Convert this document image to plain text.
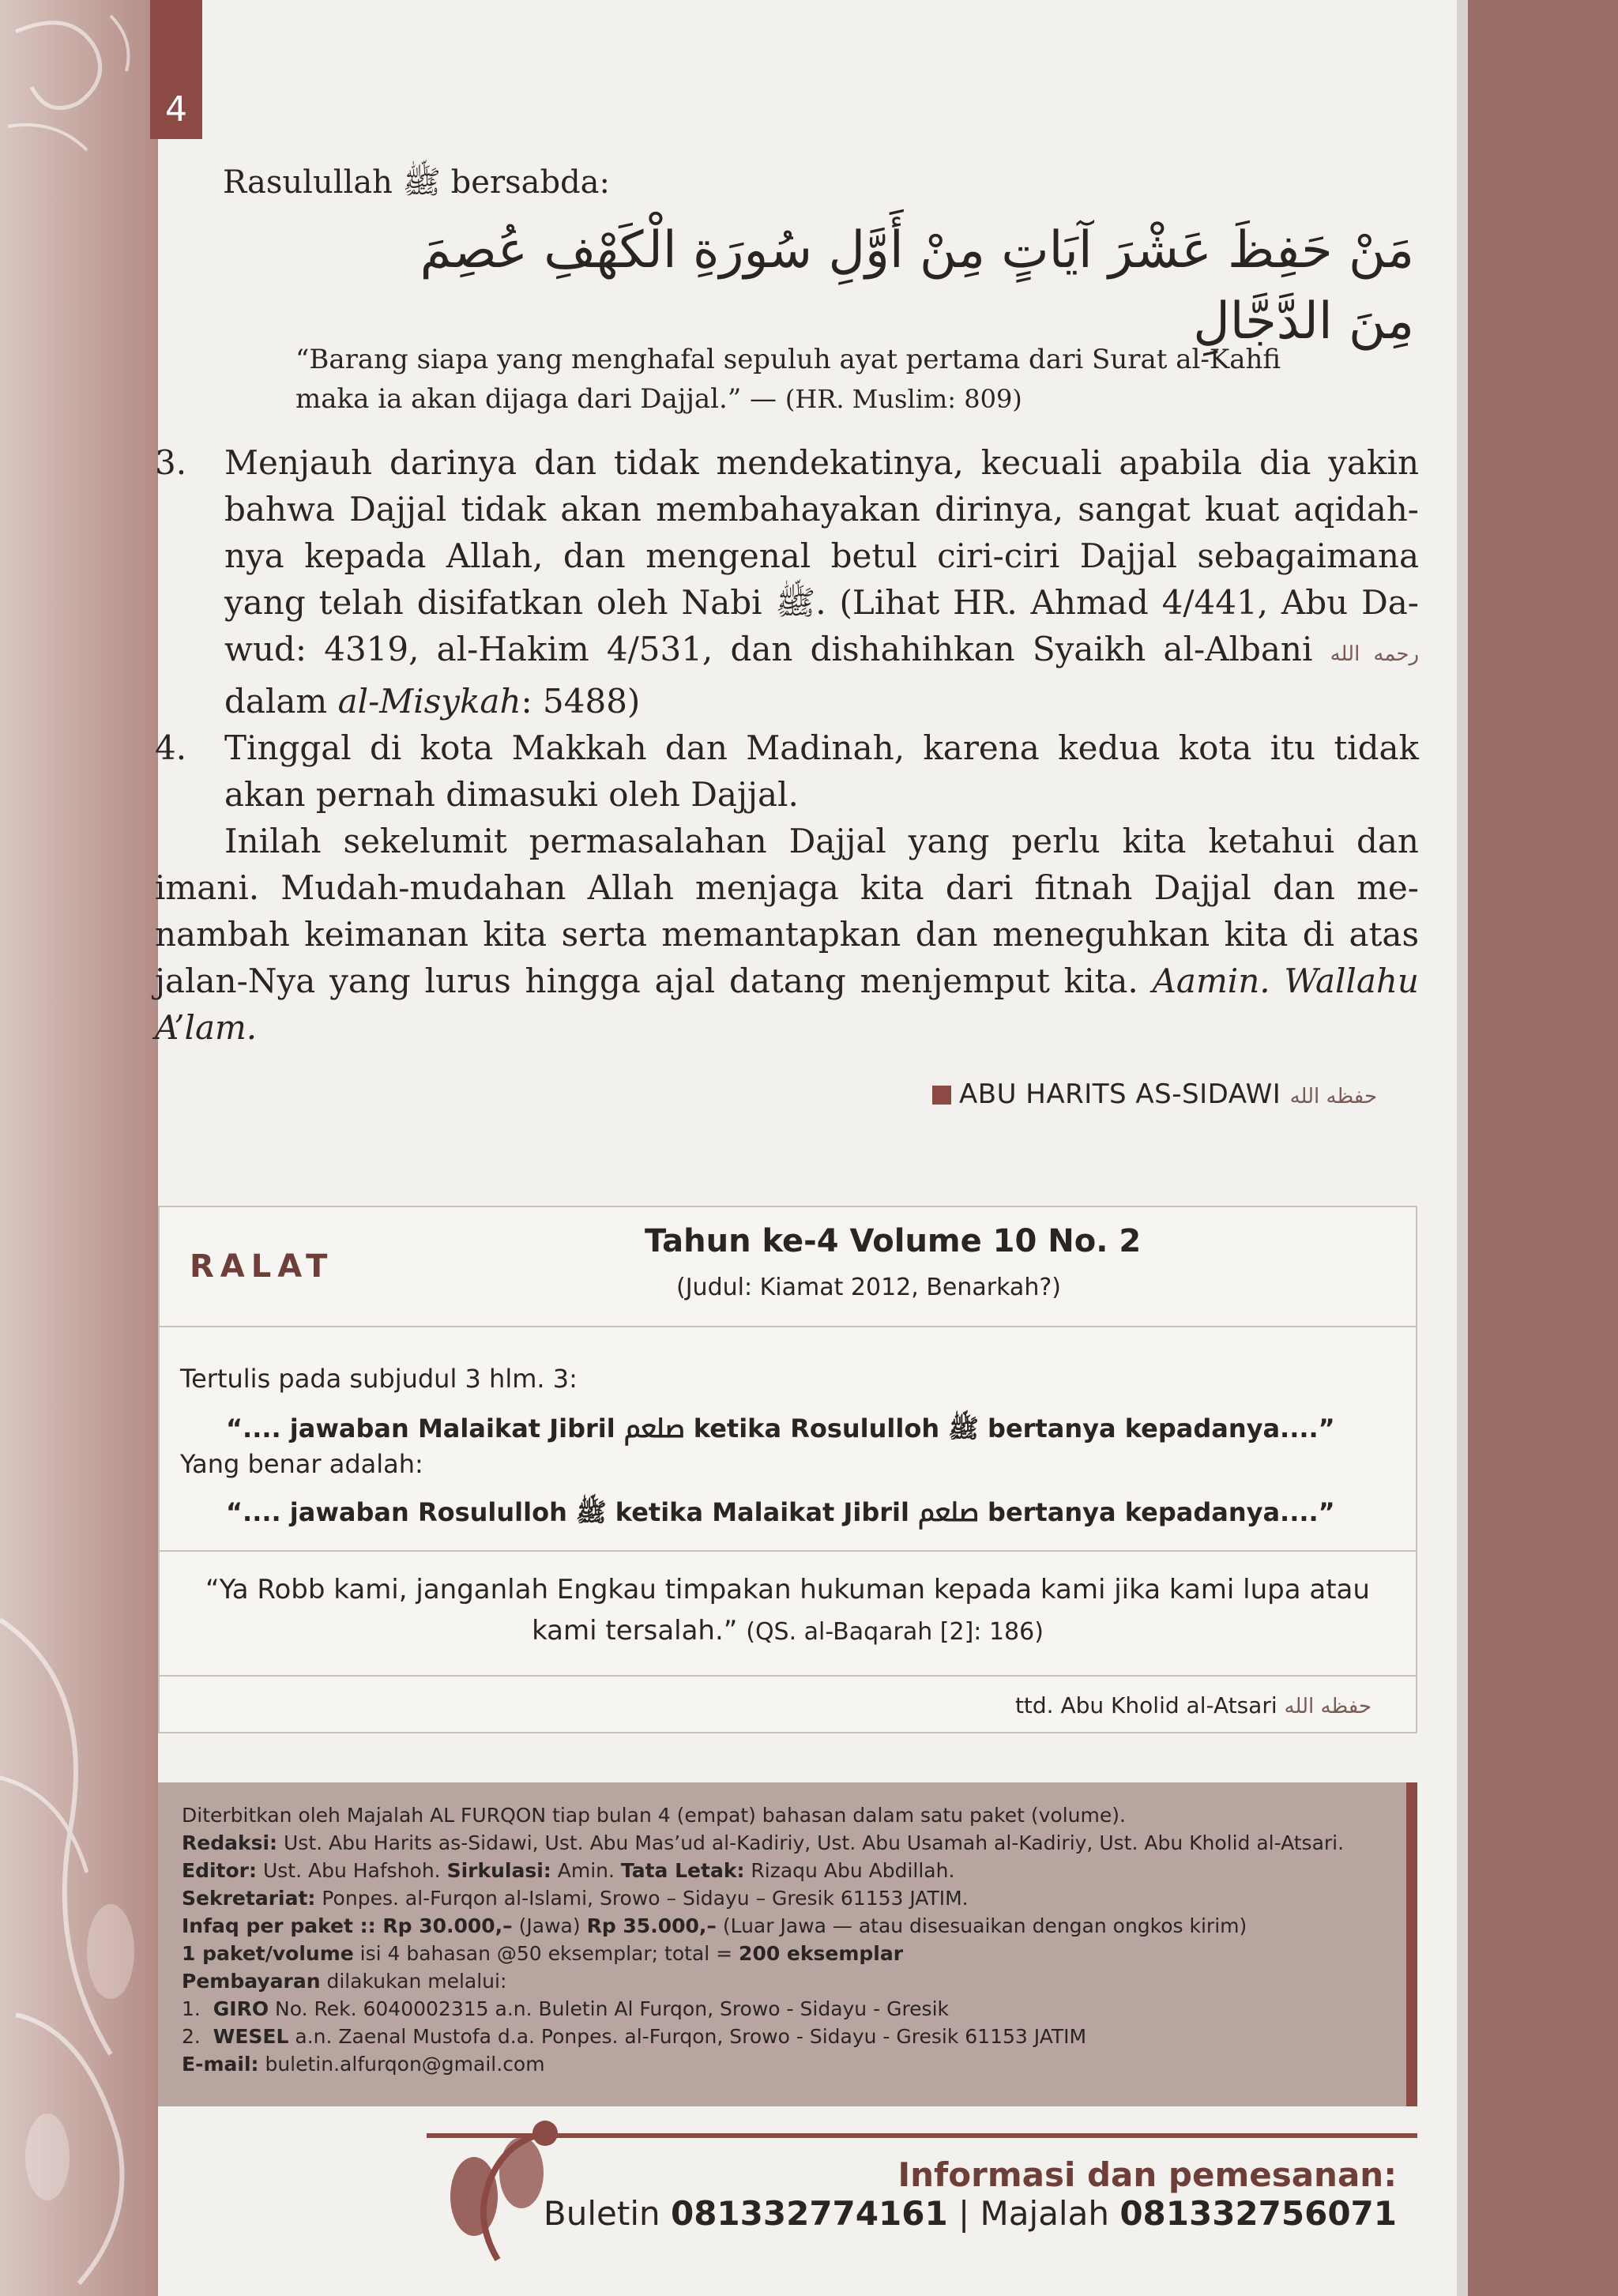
4
Rasulullah ﷺ bersabda:
مَنْ حَفِظَ عَشْرَ آيَاتٍ مِنْ أَوَّلِ سُورَةِ الْكَهْفِ عُصِمَ مِنَ الدَّجَّالِ
“Barang siapa yang menghafal sepuluh ayat pertama dari Surat al-Kahfi
maka ia akan dijaga dari Dajjal.” — (HR. Muslim: 809)
3.	Menjauh darinya dan tidak mendekatinya, kecuali apabila dia yakin bahwa Dajjal tidak akan membahayakan dirinya, sangat kuat aqidahnya kepada Allah, dan mengenal betul ciri-ciri Dajjal sebagaimana yang telah disifatkan oleh Nabi ﷺ. (Lihat HR. Ahmad 4/441, Abu Dawud: 4319, al-Hakim 4/531, dan dishahihkan Syaikh al-Albani رحمه الله dalam al-Misykah: 5488)
4.	Tinggal di kota Makkah dan Madinah, karena kedua kota itu tidak akan pernah dimasuki oleh Dajjal.
Inilah sekelumit permasalahan Dajjal yang perlu kita ketahui dan imani. Mudah-mudahan Allah menjaga kita dari fitnah Dajjal dan menambah keimanan kita serta memantapkan dan meneguhkan kita di atas jalan-Nya yang lurus hingga ajal datang menjemput kita. Aamin. Wallahu A’lam.
ABU HARITS AS-SIDAWI حفظه الله
RALAT
Tahun ke-4 Volume 10 No. 2
(Judul: Kiamat 2012, Benarkah?)
Tertulis pada subjudul 3 hlm. 3:
“.... jawaban Malaikat Jibril ﷵ ketika Rosululloh ﷺ bertanya kepadanya....”
Yang benar adalah:
“.... jawaban Rosululloh ﷺ ketika Malaikat Jibril ﷵ bertanya kepadanya....”
“Ya Robb kami, janganlah Engkau timpakan hukuman kepada kami jika kami lupa atau kami tersalah.” (QS. al-Baqarah [2]: 186)
ttd. Abu Kholid al-Atsari حفظه الله
Diterbitkan oleh Majalah AL FURQON tiap bulan 4 (empat) bahasan dalam satu paket (volume).
Redaksi: Ust. Abu Harits as-Sidawi, Ust. Abu Mas’ud al-Kadiriy, Ust. Abu Usamah al-Kadiriy, Ust. Abu Kholid al-Atsari. Editor: Ust. Abu Hafshoh. Sirkulasi: Amin. Tata Letak: Rizaqu Abu Abdillah.
Sekretariat: Ponpes. al-Furqon al-Islami, Srowo – Sidayu – Gresik 61153 JATIM.
Infaq per paket :: Rp 30.000,– (Jawa) Rp 35.000,– (Luar Jawa — atau disesuaikan dengan ongkos kirim)
1 paket/volume isi 4 bahasan @50 eksemplar; total = 200 eksemplar
Pembayaran dilakukan melalui:
1. GIRO No. Rek. 6040002315 a.n. Buletin Al Furqon, Srowo - Sidayu - Gresik
2. WESEL a.n. Zaenal Mustofa d.a. Ponpes. al-Furqon, Srowo - Sidayu - Gresik 61153 JATIM
E-mail: buletin.alfurqon@gmail.com
Informasi dan pemesanan:
Buletin 081332774161 | Majalah 081332756071
